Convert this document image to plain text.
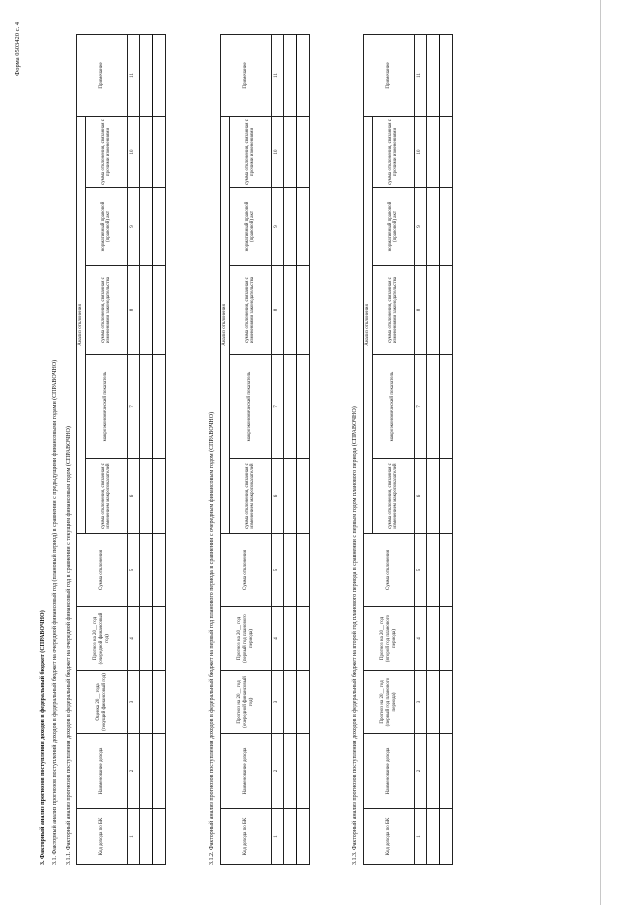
Форма 0503420 с. 4
3. Факторный анализ прогнозов поступления доходов в федеральный бюджет (СПРАВОЧНО) 3.1. Факторный анализ прогнозов поступлений доходов в федеральный бюджет на очередной финансовый год (плановый период) в сравнении с предыдущими финансовыми годами (СПРАВОЧНО) 3.1.1. Факторный анализ прогнозов поступления доходов в федеральный бюджет на очередной финансовый год в сравнении с текущим финансовым годом (СПРАВОЧНО)	Код дохода по БК	Наименование дохода	Оценка 20__ года (текущий финансовый год)	Прогноз на 20__ год (очередной финансовый год)	Сумма отклонения	Анализ отклонения					Примечание
					сумма отклонения, связанная с изменением макропоказателей	макроэкономический показатель	сумма отклонения, связанная с изменениями законодательства	нормативный правовой (правовой) акт	сумма отклонения, связанная с прочими изменениями	
1	2	3	4	5	6	7	8	9	10	11

3.1.2. Факторный анализ прогнозов поступления доходов в федеральный бюджет на первый год планового периода в сравнении с очередным финансовым годом (СПРАВОЧНО)	Код дохода по БК	Наименование дохода	Прогноз на 20__ год (очередной финансовый год)	Прогноз на 20__ год (первый год планового периода)	Сумма отклонения	Анализ отклонения					Примечание
					сумма отклонения, связанная с изменением макропоказателей	макроэкономический показатель	сумма отклонения, связанная с изменениями законодательства	нормативный правовой (правовой) акт	сумма отклонения, связанная с прочими изменениями	
1	2	3	4	5	6	7	8	9	10	11

3.1.3. Факторный анализ прогнозов поступления доходов в федеральный бюджет на второй год планового периода в сравнении с первым годом планового периода (СПРАВОЧНО)	Код дохода по БК	Наименование дохода	Прогноз на 20__ год (первый год планового периода)	Прогноз на 20__ год (второй год планового периода)	Сумма отклонения	Анализ отклонения					Примечание
					сумма отклонения, связанная с изменением макропоказателей	макроэкономический показатель	сумма отклонения, связанная с изменениями законодательства	нормативный правовой (правовой) акт	сумма отклонения, связанная с прочими изменениями	
1	2	3	4	5	6	7	8	9	10	11
